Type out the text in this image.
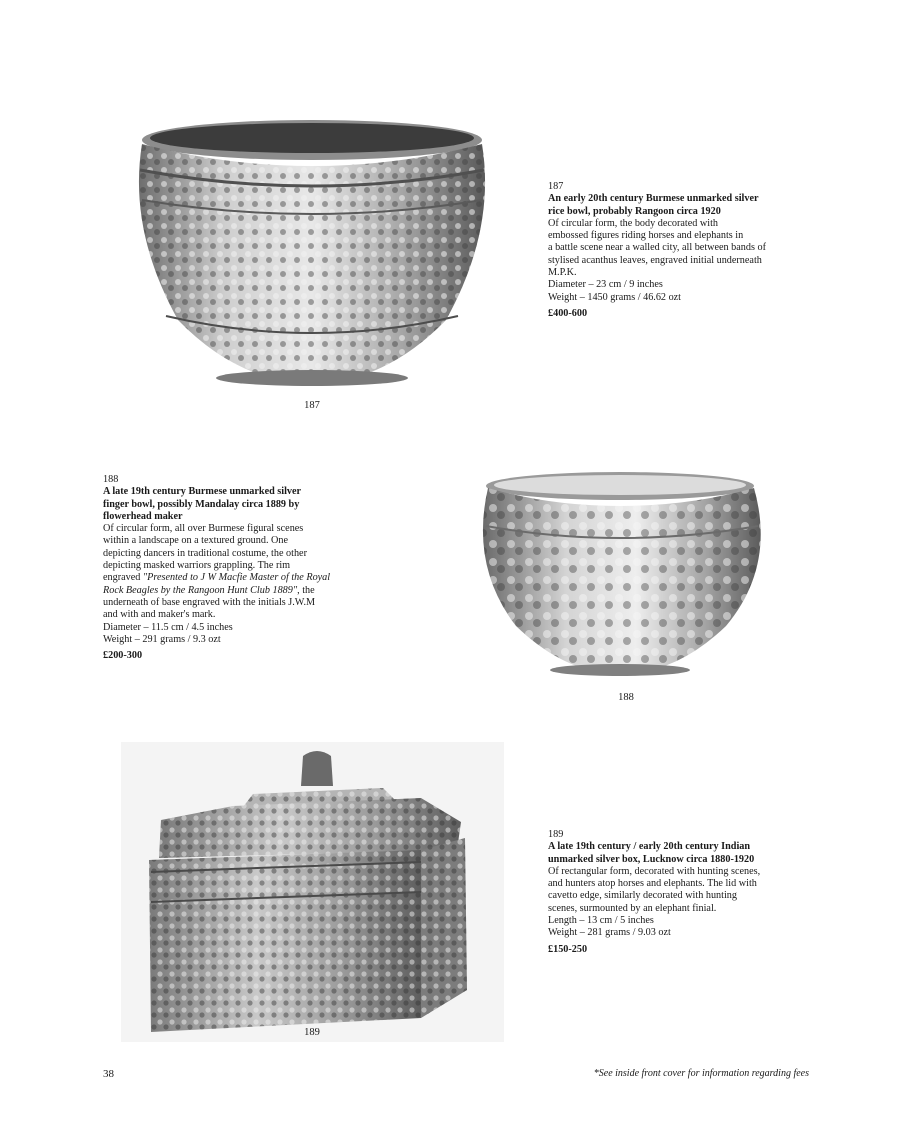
187
187
An early 20th century Burmese unmarked silver
rice bowl, probably Rangoon circa 1920
Of circular form, the body decorated with
embossed figures riding horses and elephants in
a battle scene near a walled city, all between bands of
stylised acanthus leaves, engraved initial underneath
M.P.K.
Diameter – 23 cm / 9 inches
Weight – 1450 grams / 46.62 ozt
£400-600
188
A late 19th century Burmese unmarked silver
finger bowl, possibly Mandalay circa 1889 by
flowerhead maker
Of circular form, all over Burmese figural scenes
within a landscape on a textured ground. One
depicting dancers in traditional costume, the other
depicting masked warriors grappling. The rim
engraved "Presented to J W Macfie Master of the Royal
Rock Beagles by the Rangoon Hunt Club 1889", the
underneath of base engraved with the initials J.W.M
and with and maker's mark.
Diameter – 11.5 cm / 4.5 inches
Weight – 291 grams / 9.3 ozt
£200-300
188
189
189
A late 19th century / early 20th century Indian
unmarked silver box, Lucknow circa 1880-1920
Of rectangular form, decorated with hunting scenes,
and hunters atop horses and elephants. The lid with
cavetto edge, similarly decorated with hunting
scenes, surmounted by an elephant finial.
Length – 13 cm / 5 inches
Weight – 281 grams / 9.03 ozt
£150-250
38	*See inside front cover for information regarding fees
